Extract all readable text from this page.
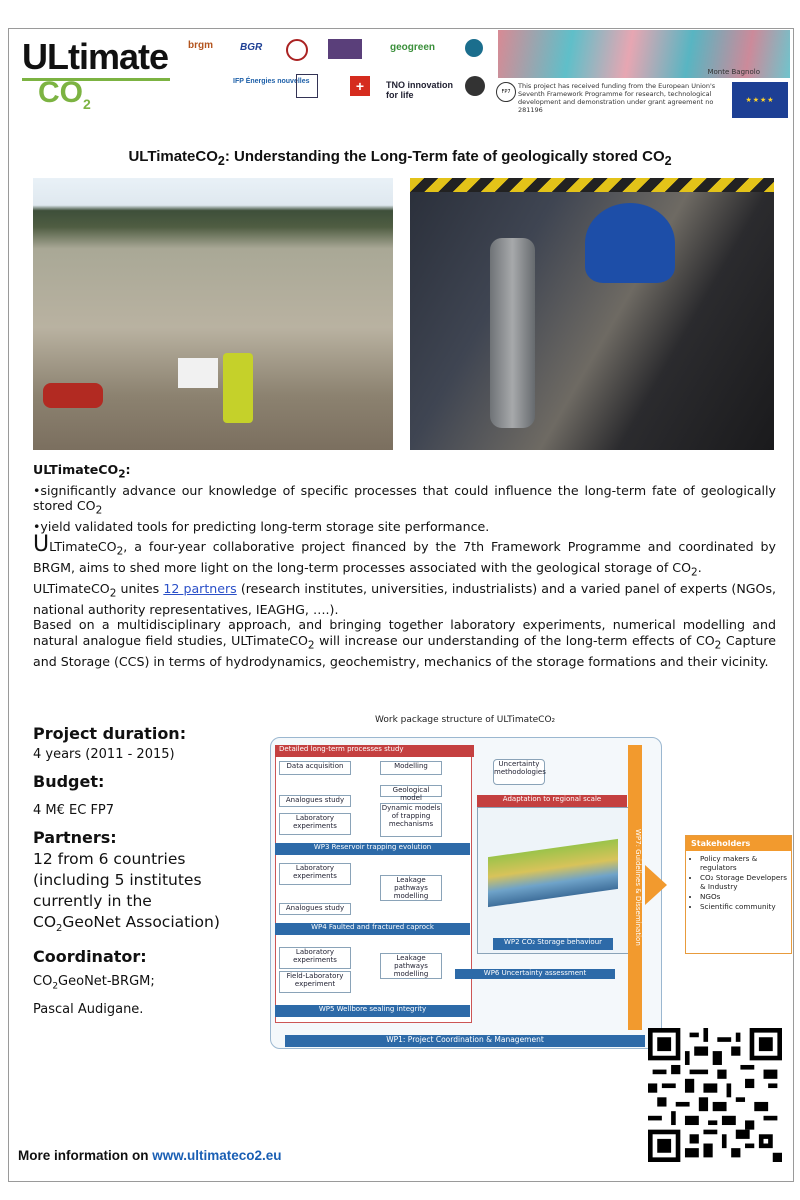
ULtimate
$CO_2$
brgm	BGR	geogreen
IFP Énergies nouvelles	+	TNO innovation for life
Monte Bagnolo
FP7
This project has received funding from the European Union's Seventh Framework Programme for research, technological development and demonstration under grant agreement no 281196
★★★★
ULTimateCO$_2$: Understanding the Long-Term fate of geologically stored $CO_2$
ULTimateCO$_2$:
•significantly advance our knowledge of specific processes that could influence the long-term fate of geologically stored $CO_2$
•yield validated tools for predicting long-term storage site performance.
ULTimateCO$_2$, a four-year collaborative project financed by the 7th Framework Programme and coordinated by BRGM, aims to shed more light on the long-term processes associated with the geological storage of $CO_2$.
ULTimateCO$_2$ unites 12 partners (research institutes, universities, industrialists) and a varied panel of experts (NGOs, national authority representatives, IEAGHG, ….).
Based on a multidisciplinary approach, and bringing together laboratory experiments, numerical modelling and natural analogue field studies, ULTimateCO$_2$ will increase our understanding of the long-term effects of $CO_2$ Capture and Storage (CCS) in terms of hydrodynamics, geochemistry, mechanics of the storage formations and their vicinity.

Project duration:

4 years (2011 - 2015)

Budget:

4 M€ EC FP7

Partners:

12 from 6 countries
(including 5 institutes
currently in the
$CO_2GeoNet$ Association)

Coordinator:

$CO_2GeoNet$-BRGM;

Pascal Audigane.

Work package structure of ULTimateCO₂
Detailed long-term processes study
Data acquisition	Modelling	Uncertainty methodologies
Geological model
Analogues study
Laboratory experiments
Dynamic models of trapping mechanisms
WP3 Reservoir trapping evolution
Adaptation to regional scale
Laboratory experiments	Leakage pathways modelling
Analogues study
WP4 Faulted and fractured caprock
WP2 CO₂ Storage behaviour
Laboratory experiments	Leakage pathways modelling
Field-Laboratory experiment
WP6 Uncertainty assessment
WP5 Wellbore sealing integrity
WP1: Project Coordination & Management
WP7: Guidelines & Dissemination	Stakeholders
• Policy makers & regulators
• CO₂ Storage Developers & Industry
• NGOs
• Scientific community
More information on www.ultimateco2.eu
